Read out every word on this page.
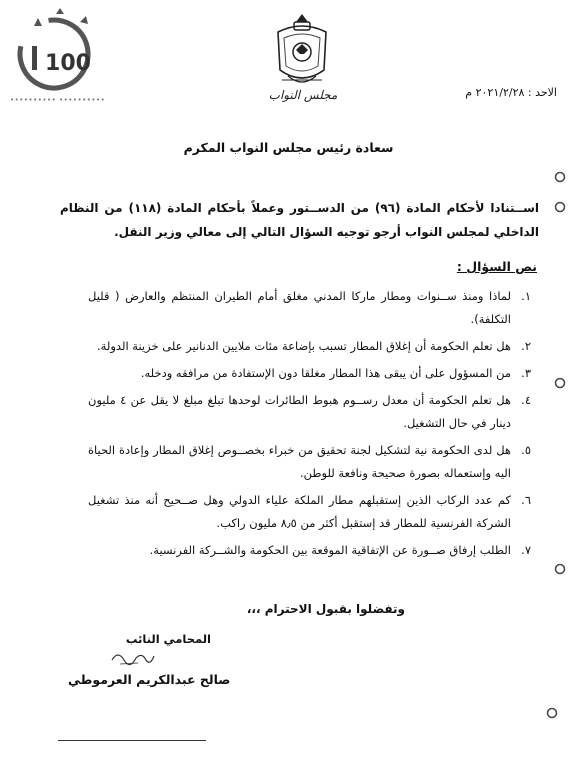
100
•••••••••• ••••••••••	مجلس النواب	الاحد : ٢٠٢١/٢/٢٨ م
سعادة رئيس مجلس النواب المكرم
اســتنادا لأحكام المادة (٩٦) من الدســتور وعملاً بأحكام المادة (١١٨) من النظام الداخلي لمجلس النواب أرجو توجيه السؤال التالي إلى معالي وزير النقل.
نص السؤال :
١.
لماذا ومنذ ســنوات ومطار ماركا المدني مغلق أمام الطيران المنتظم والعارض ( قليل التكلفة).
٢.
هل تعلم الحكومة أن إغلاق المطار تسبب بإضاعة مئات ملايين الدنانير على خزينة الدولة.
٣.
من المسؤول على أن يبقى هذا المطار مغلقا دون الإستفادة من مرافقه ودخله.
٤.
هل تعلم الحكومة أن معدل رســوم هبوط الطائرات لوحدها تبلغ مبلغ لا يقل عن ٤ مليون دينار في حال التشغيل.
٥.
هل لدى الحكومة نية لتشكيل لجنة تحقيق من خبراء بخصــوص إغلاق المطار وإعادة الحياة اليه وإستعماله بصورة صحيحة ونافعة للوطن.
٦.
كم عدد الركاب الذين إستقبلهم مطار الملكة علياء الدولي وهل صــحيح أنه منذ تشغيل الشركة الفرنسية للمطار قد إستقبل أكثر من ٨٫٥ مليون راكب.
٧.
الطلب إرفاق صــورة عن الإتفاقية الموقعة بين الحكومة والشــركة الفرنسية.
وتفضلوا بقبول الاحترام ،،،
المحامي النائب
صالح عبدالكريم العرموطي
